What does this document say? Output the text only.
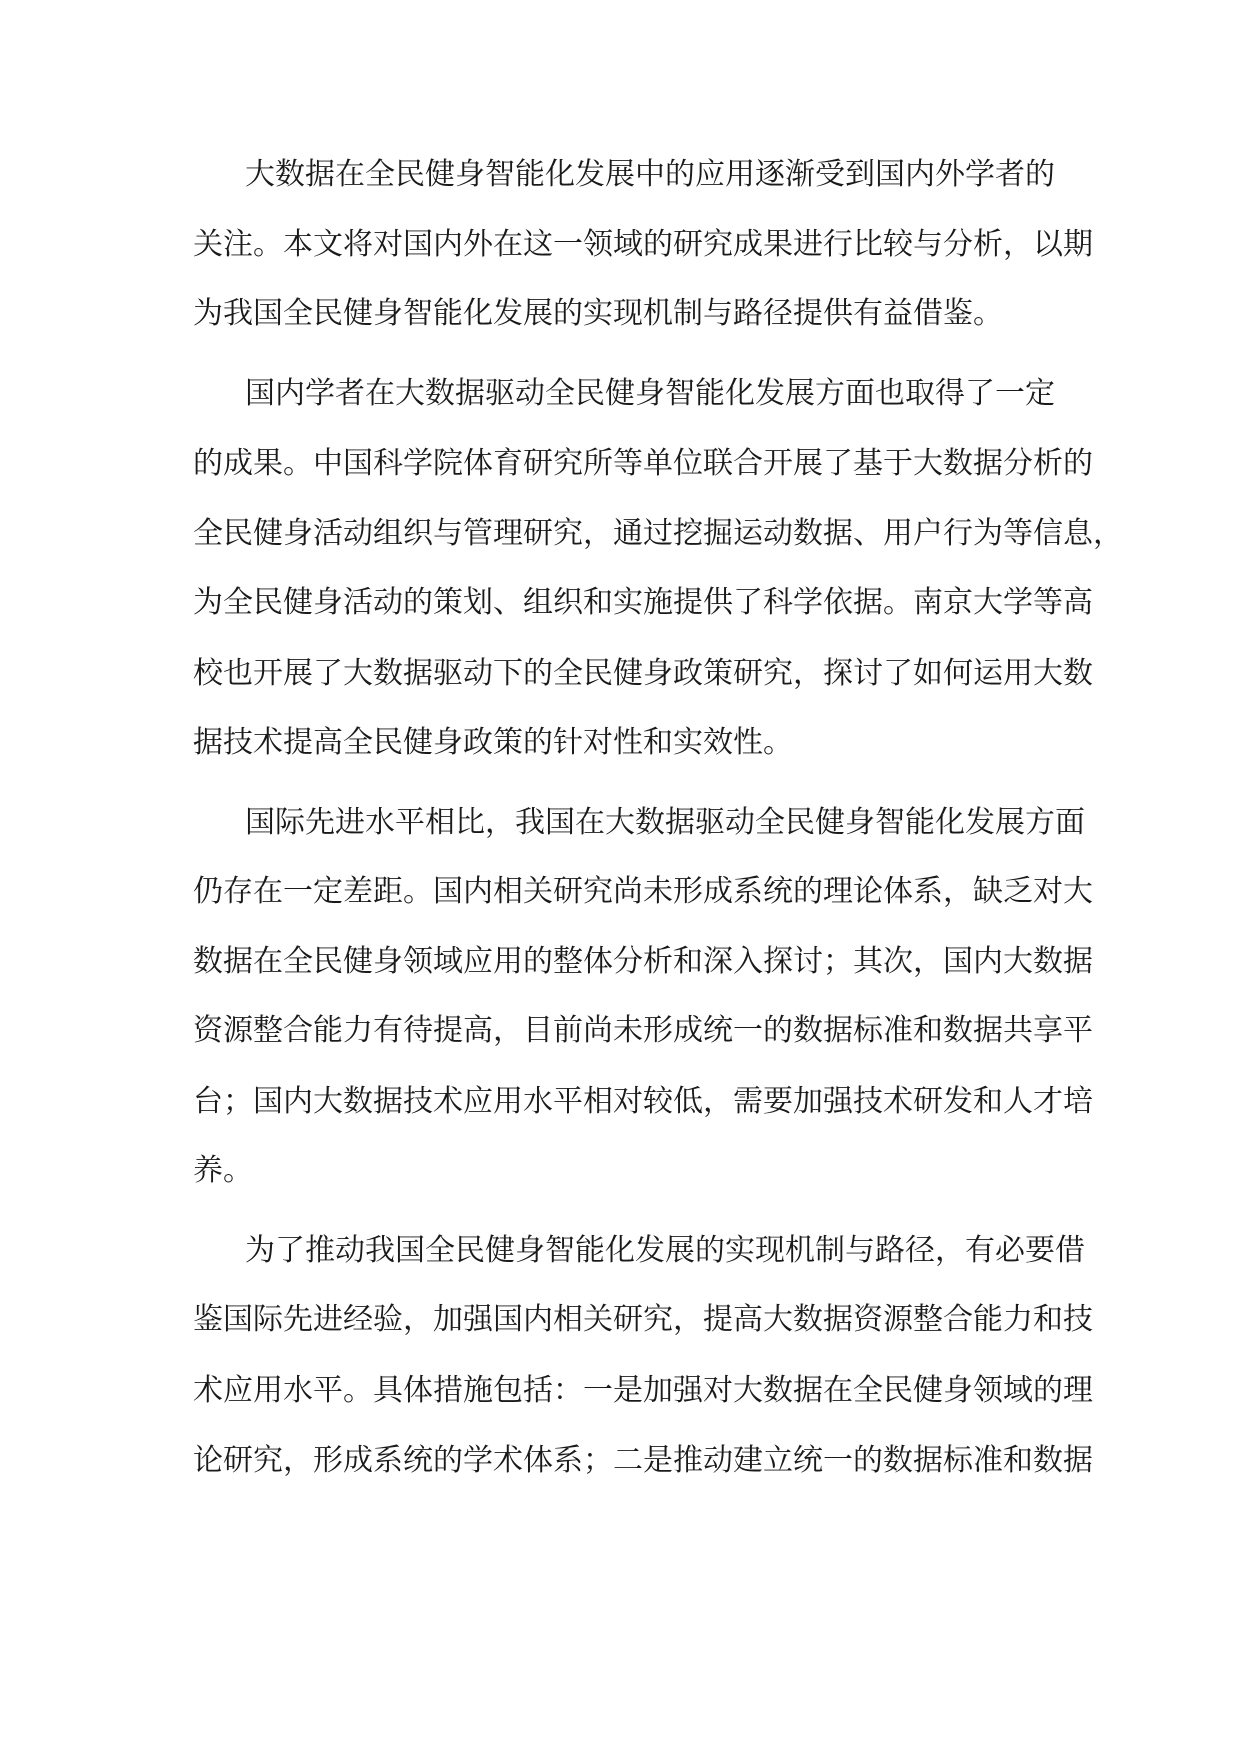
大数据在全民健身智能化发展中的应用逐渐受到国内外学者的

关注。本文将对国内外在这一领域的研究成果进行比较与分析，以期

为我国全民健身智能化发展的实现机制与路径提供有益借鉴。

国内学者在大数据驱动全民健身智能化发展方面也取得了一定

的成果。中国科学院体育研究所等单位联合开展了基于大数据分析的

全民健身活动组织与管理研究，通过挖掘运动数据、用户行为等信息，

为全民健身活动的策划、组织和实施提供了科学依据。南京大学等高

校也开展了大数据驱动下的全民健身政策研究，探讨了如何运用大数

据技术提高全民健身政策的针对性和实效性。

国际先进水平相比，我国在大数据驱动全民健身智能化发展方面

仍存在一定差距。国内相关研究尚未形成系统的理论体系，缺乏对大

数据在全民健身领域应用的整体分析和深入探讨；其次，国内大数据

资源整合能力有待提高，目前尚未形成统一的数据标准和数据共享平

台；国内大数据技术应用水平相对较低，需要加强技术研发和人才培

养。

为了推动我国全民健身智能化发展的实现机制与路径，有必要借

鉴国际先进经验，加强国内相关研究，提高大数据资源整合能力和技

术应用水平。具体措施包括：一是加强对大数据在全民健身领域的理

论研究，形成系统的学术体系；二是推动建立统一的数据标准和数据
